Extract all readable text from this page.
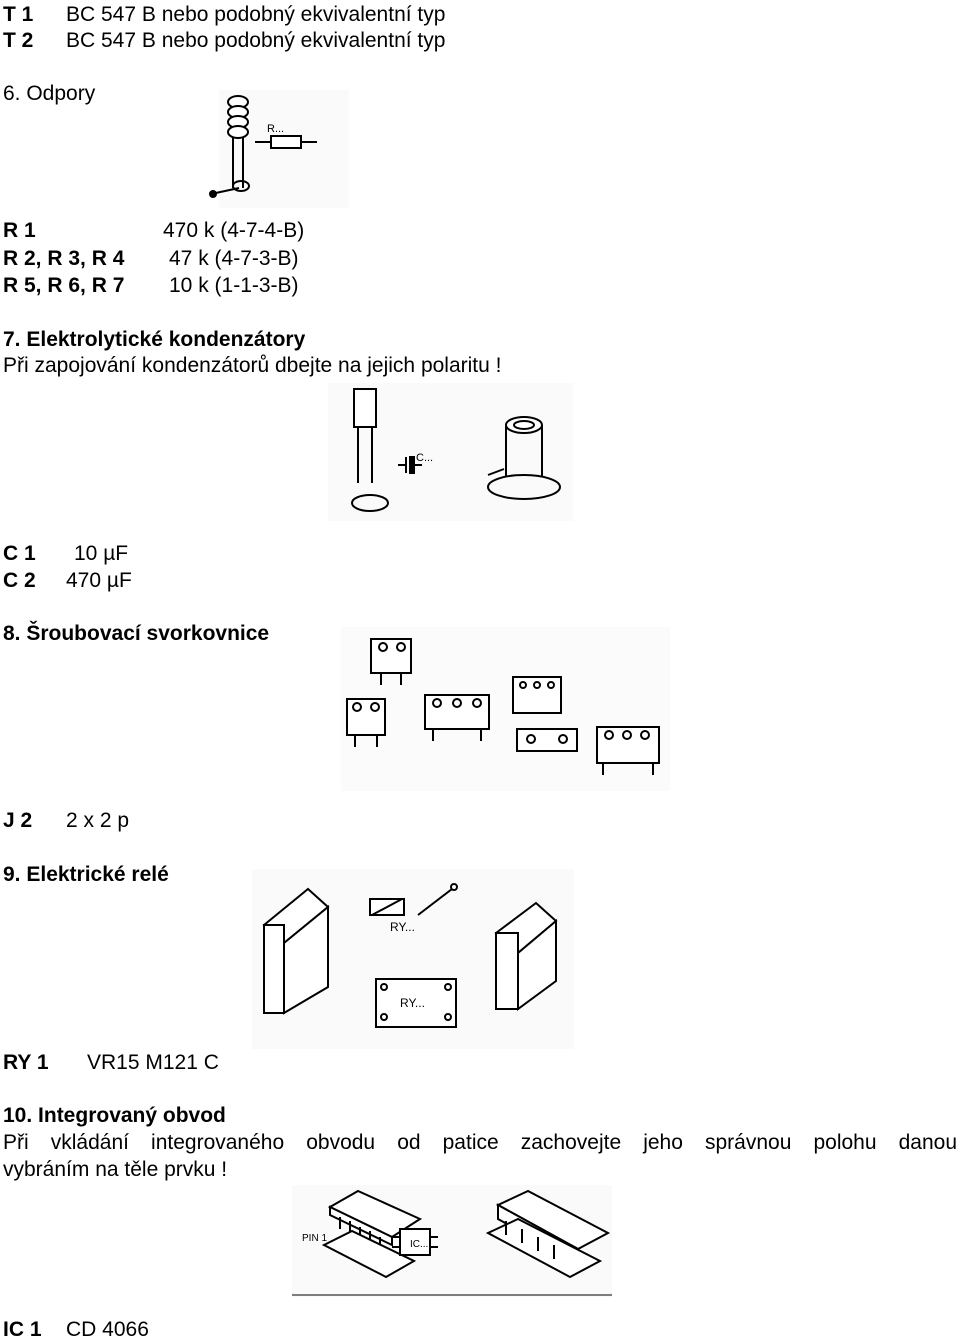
T 1 BC 547 B nebo podobný ekvivalentní typ
T 2 BC 547 B nebo podobný ekvivalentní typ
6. Odpory
R...
R 1	470 k (4-7-4-B)
R 2, R 3, R 4 47 k (4-7-3-B)
R 5, R 6, R 7 10 k (1-1-3-B)
7. Elektrolytické kondenzátory
Při zapojování kondenzátorů dbejte na jejich polaritu !
C...
C 1 10 µF
C 2 470 µF
8. Šroubovací svorkovnice
J 2 2 x 2 p
9. Elektrické relé
RY...
RY...
RY 1 VR15 M121 C
10. Integrovaný obvod
Při vkládání integrovaného obvodu od patice zachovejte jeho správnou polohu danou
vybráním na těle prvku !
PIN 1
IC...
IC 1 CD 4066
